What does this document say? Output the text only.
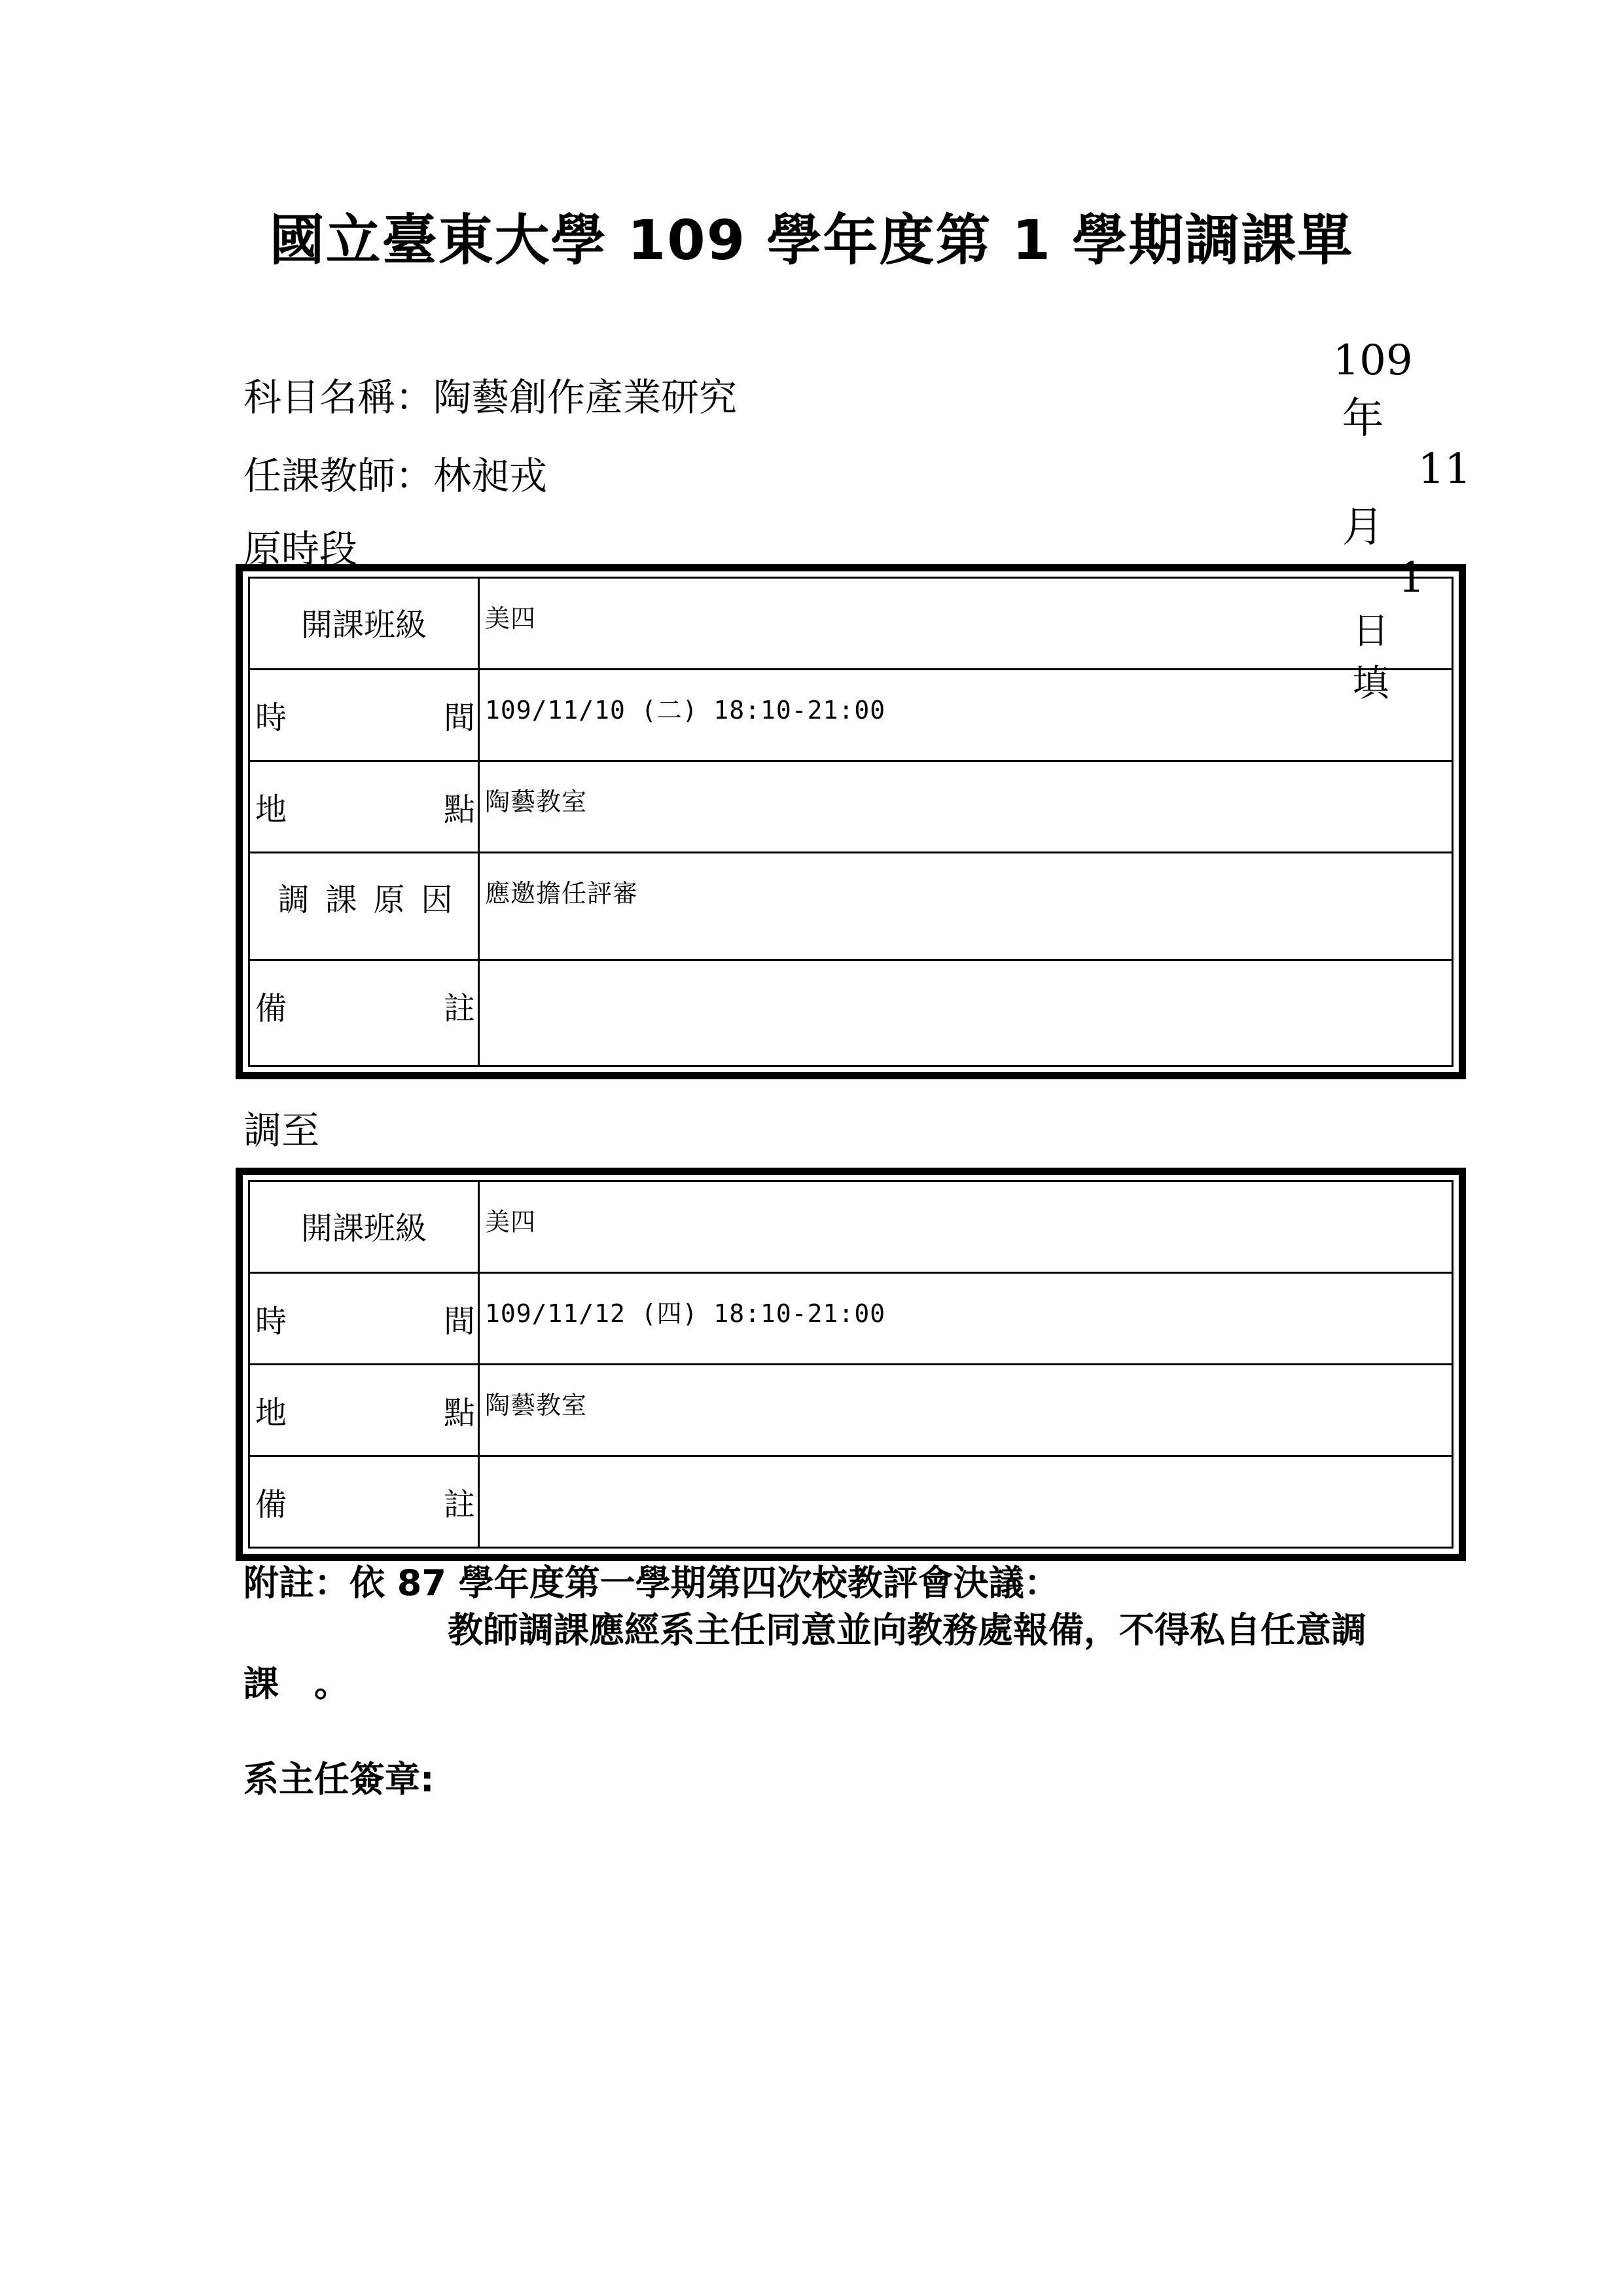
國立臺東大學 109 學年度第 1 學期調課單

109
年
11
月
1
日
填

科目名稱：陶藝創作產業研究
任課教師：林昶戎
原時段
開課班級	美四

時 間	109/11/10 (二) 18:10-21:00

地 點	陶藝教室

調 課 原 因	應邀擔任評審

備 註	

調至
開課班級	美四

時 間	109/11/12 (四) 18:10-21:00

地 點	陶藝教室

備 註	

附註：依 87 學年度第一學期第四次校教評會決議：
教師調課應經系主任同意並向教務處報備，不得私自任意調
課　。
系主任簽章:
